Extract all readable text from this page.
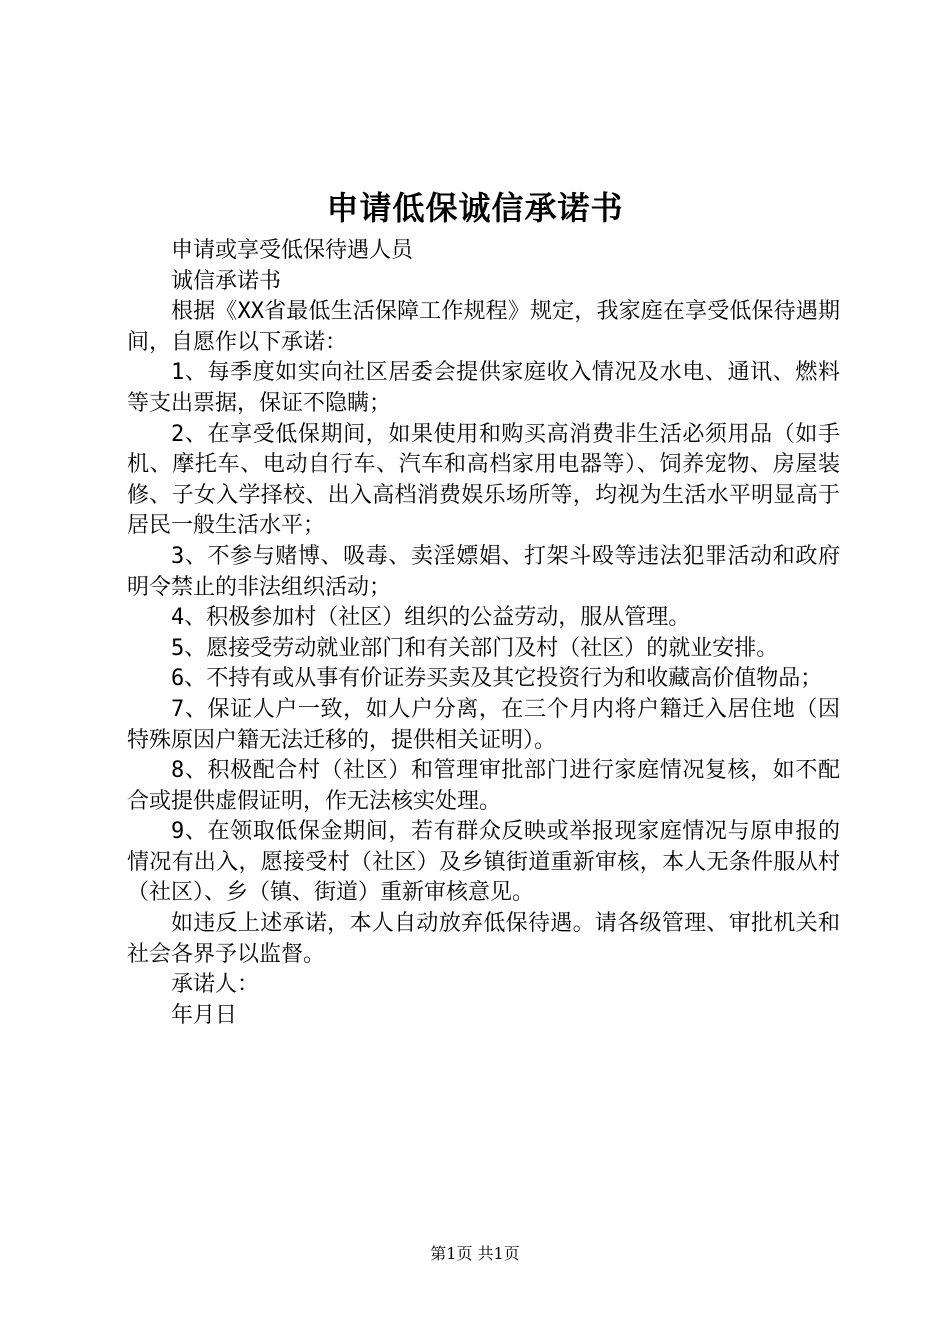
申请低保诚信承诺书

申请或享受低保待遇人员

诚信承诺书

根据《XX省最低生活保障工作规程》规定，我家庭在享受低保待遇期间，自愿作以下承诺：

1、每季度如实向社区居委会提供家庭收入情况及水电、通讯、燃料等支出票据，保证不隐瞒；

2、在享受低保期间，如果使用和购买高消费非生活必须用品（如手机、摩托车、电动自行车、汽车和高档家用电器等）、饲养宠物、房屋装修、子女入学择校、出入高档消费娱乐场所等，均视为生活水平明显高于居民一般生活水平；

3、不参与赌博、吸毒、卖淫嫖娼、打架斗殴等违法犯罪活动和政府明令禁止的非法组织活动；

4、积极参加村（社区）组织的公益劳动，服从管理。

5、愿接受劳动就业部门和有关部门及村（社区）的就业安排。

6、不持有或从事有价证券买卖及其它投资行为和收藏高价值物品；

7、保证人户一致，如人户分离，在三个月内将户籍迁入居住地（因特殊原因户籍无法迁移的，提供相关证明）。

8、积极配合村（社区）和管理审批部门进行家庭情况复核，如不配合或提供虚假证明，作无法核实处理。

9、在领取低保金期间，若有群众反映或举报现家庭情况与原申报的情况有出入，愿接受村（社区）及乡镇街道重新审核，本人无条件服从村（社区）、乡（镇、街道）重新审核意见。

如违反上述承诺，本人自动放弃低保待遇。请各级管理、审批机关和社会各界予以监督。

承诺人：

年月日

第1页 共1页
